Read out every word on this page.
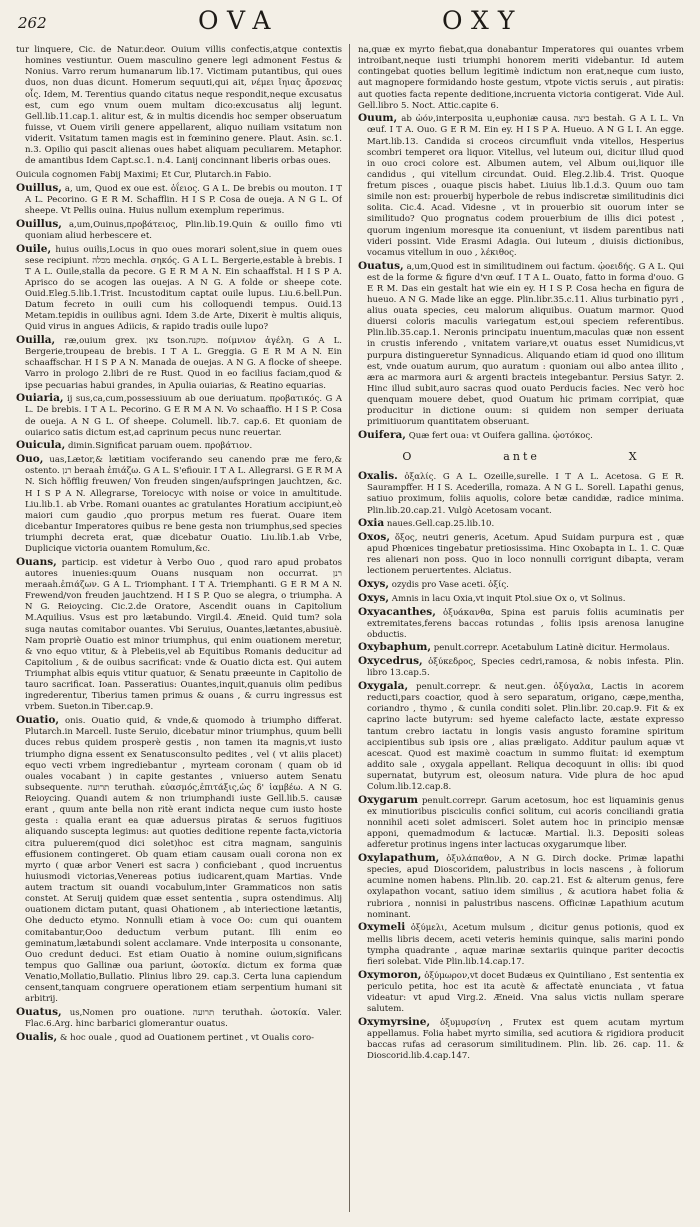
262	OVA	OXY

tur linquere, Cic. de Natur.deor. Ouium villis confectis,atque contextis homines vestiuntur. Ouem masculino genere legi admonent Festus & Nonius. Varro rerum humanarum lib.17. Victimam putantibus, qui oues duos, non duas dicunt. Homerum sequuti,qui ait, νέμει ἴηιας ἄρσενας οἶς. Idem, M. Terentius quando citatus neque respondit,neque excusatus est, cum ego vnum ouem multam dico:excusatus alij legunt. Gell.lib.11.cap.1. alitur est, & in multis dicendis hoc semper obseruatum fuisse, vt Ouem virili genere appellarent, aliquo nuiliam vsitatum non viderit. Vsitatum tamen magis est in fœminino genere. Plaut. Asin. sc.1. n.3. Opilio qui pascit alienas oues habet aliquam peculiarem. Metaphor. de amantibus Idem Capt.sc.1. n.4. Lanij concinnant liberis orbas oues.

Ouicula cognomen Fabij Maximi; Et Cur, Plutarch.in Fabio.

Ouillus, a, um, Quod ex oue est. ὀΐειος. G A L. De brebis ou mouton. I T A L. Pecorino. G E R M. Schafflin. H I S P. Cosa de oueja. A N G L. Of sheepe. Vt Pellis ouina. Huius nullum exemplum reperimus.

Ouillus, a,um,Ouinus,προβάτειος, Plin.lib.19.Quin & ouillo fimo vti quoniam aliud herbescere et.

Ouile, huius ouilis,Locus in quo oues morari solent,siue in quem oues sese recipiunt. מכלה mechla. σηκός. G A L L. Bergerie,estable à brebis. I T A L. Ouile,stalla da pecore. G E R M A N. Ein schaaffstal. H I S P A. Aprisco do se acogen las ouejas. A N G. A folde or sheepe cote. Ouid.Eleg.5.lib.1.Trist. Incustoditum captat ouile lupus. Liu.6.bell.Pun. Datum fecreto in ouili cum his colloquendi tempus. Ouid.13 Metam.tepidis in ouilibus agni. Idem 3.de Arte, Dixerit è multis aliquis, Quid virus in angues Adiicis, & rapido tradis ouile lupo?

Ouilla, ræ,ouium grex. צאן tson.מקנה. ποίμνιον ἀγέλη. G A L. Bergerie,troupeau de brebis. I T A L. Greggia. G E R M A N. Ein schaaffschar. H I S P A N. Manada de ouejas. A N G. A flocke of sheepe. Varro in prologo 2.libri de re Rust. Quod in eo facilius faciam,quod & ipse pecuarias habui grandes, in Apulia ouiarias, & Reatino equarias.

Ouiaria, ij sus,ca,cum,possessiuum ab oue deriuatum. προβατικός. G A L. De brebis. I T A L. Pecorino. G E R M A N. Vo schaaffio. H I S P. Cosa de oueja. A N G L. Of sheepe. Columell. lib.7. cap.6. Et quoniam de ouiarico satis dictum est,ad caprinum pecus nunc reuertar.

Ouicula, dimin.Significat paruam ouem. προβάτιον.

Ouo, uas,Lætor,& lætitiam vociferando seu canendo præ me fero,& ostento. רנן beraah ἐπιάζω. G A L. S'efiouir. I T A L. Allegrarsi. G E R M A N. Sich höfflig freuwen/ Von freuden singen/aufspringen jauchtzen, &c. H I S P A N. Allegrarse, Toreiocyc with noise or voice in amultitude. Liu.lib.1. ab Vrbe. Romani ouantes ac gratulantes Horatium accipiunt,eò maiori cum gaudio ,quo prorpus metum res fuerat. Ouare item dicebantur Imperatores quibus re bene gesta non triumphus,sed species triumphi decreta erat, quæ dicebatur Ouatio. Liu.lib.1.ab Vrbe, Duplicique victoria ouantem Romulum,&c.

Ouans, particip. est videtur à Verbo Ouo , quod raro apud probatos autores inuenies:quum Ouans nusquam non occurrat. רנן meraah.ἐπιάζων. G A L. Triomphant. I T A. Triemphanti. G E R M A N. Frewend/von freuden jauchtzend. H I S P. Quo se alegra, o triumpha. A N G. Reioycing. Cic.2.de Oratore, Ascendit ouans in Capitolium M.Aquilius. Vsus est pro lætabundo. Virgil.4. Æneid. Quid tum? sola suga nautas comitabor ouantes. Vbi Seruius, Ouantes,lætantes,abusiuè. Nam propriè Ouatio est minor triumphus, qui enim ouationem meretur, & vno equo vtitur, & à Plebeiis,vel ab Equitibus Romanis deducitur ad Capitolium , & de ouibus sacrificat: vnde & Ouatio dicta est. Qui autem Triumphat albis equis vtitur quatuor, & Senatu præeunte in Capitolio de tauro sacrificat. Ioan. Passeratius: Ouantes,inquit,quanuis olim pedibus ingrederentur, Tiberius tamen primus & ouans , & curru ingressus est vrbem. Sueton.in Tiber.cap.9.

Ouatio, onis. Ouatio quid, & vnde,& quomodo à triumpho differat. Plutarch.in Marcell. Iuste Seruio, dicebatur minor triumphus, quum belli duces rebus quidem prosperè gestis , non tamen ita magnis,vt iusto triumpho digna essent ex Senatusconsulto pedites , vel ( vt aliis placet) equo vecti vrbem ingrediebantur , myrteam coronam ( quam ob id ouales vocabant ) in capite gestantes , vniuerso autem Senatu subsequente. תרועה teruthah. εὐασμός,ἐπιτάξις,ὡς δ' ἰαμβέω. A N G. Reioycing. Quandi autem & non triumphandi iuste Gell.lib.5. causæ erant , quum ante bella non ritè erant indicta neque cum iusto hoste gesta : qualia erant ea quæ aduersus piratas & seruos fugitiuos aliquando suscepta legimus: aut quoties deditione repente facta,victoria citra puluerem(quod dici solet)hoc est citra magnam, sanguinis effusionem contingeret. Ob quam etiam causam ouali corona non ex myrto ( quæ arbor Veneri est sacra ) conficiebant , quod incruentus huiusmodi victorias,Venereas potius iudicarent,quam Martias. Vnde autem tractum sit ouandi vocabulum,inter Grammaticos non satis constet. At Seruij quidem quæ esset sententia , supra ostendimus. Alij ouationem dictam putant, quasi Ohationem , ab interiectione lætantis, Ohe deducto etymo. Nonnulli etiam à voce Oo: cum qui ouantem comitabantur,Ooo deductum verbum putant. Illi enim eo geminatum,lætabundi solent acclamare. Vnde interposita u consonante, Ouo credunt deduci. Est etiam Ouatio à nomine ouium,significans tempus quo Gallinæ oua pariunt, ὠοτοκία. dictum ex forma quæ Venatio,Mollatio,Bullatio. Plinius libro 29. cap.3. Certa luna capiendum censent,tanquam congruere operationem etiam serpentium humani sit arbitrij.

Ouatus, us,Nomen pro ouatione. תרועה teruthah. ὠοτοκία. Valer. Flac.6.Arg. hinc barbarici glomerantur ouatus.

Oualis, & hoc ouale , quod ad Ouationem pertinet , vt Oualis coro-

na,quæ ex myrto fiebat,qua donabantur Imperatores qui ouantes vrbem introibant,neque iusti triumphi honorem meriti videbantur. Id autem contingebat quoties bellum legitimè indictum non erat,neque cum iusto, aut magnopere formidando hoste gestum, vtpote victis seruis , aut piratis: aut quoties facta repente deditione,incruenta victoria contigerat. Vide Aul. Gell.libro 5. Noct. Attic.capite 6.

Ouum, ab ὠόν,interposita u,euphoniæ causa. ביצה bestah. G A L L. Vn œuf. I T A. Ouo. G E R M. Ein ey. H I S P A. Hueuo. A N G L I. An egge. Mart.lib.13. Candida si croceos circumfluit vnda vitellos, Hesperius scombri temperet ora liquor. Vitellus, vel luteum oui, dicitur illud quod in ouo croci colore est. Albumen autem, vel Album oui,liquor ille candidus , qui vitellum circundat. Ouid. Eleg.2.lib.4. Trist. Quoque fretum pisces , ouaque piscis habet. Liuius lib.1.d.3. Quum ouo tam simile non est: prouerbij hyperbole de rebus indiscretæ similitudinis dici solita. Cic.4. Acad. Videsne , vt in prouerbio sit ouorum inter se similitudo? Quo prognatus codem prouerbium de illis dici potest , quorum ingenium moresque ita conueniunt, vt iisdem parentibus nati videri possint. Vide Erasmi Adagia. Oui luteum , diuisis dictionibus, vocamus vitellum in ouo , λέκιθος.

Ouatus, a,um,Quod est in similitudinem oui factum. ᾠοειδής. G A L. Qui est de la forme & figure d'vn œuf. I T A L. Ouato, fatto in forma d'ouo. G E R M. Das ein gestalt hat wie ein ey. H I S P. Cosa hecha en figura de hueuo. A N G. Made like an egge. Plin.libr.35.c.11. Alius turbinatio pyri , alius ouata species, ceu malorum aliquibus. Ouatum marmor. Quod diuersi coloris maculis variegatum est,oui speciem referentibus. Plin.lib.35.cap.1. Neronis principatu inuentum,maculas quæ non essent in crustis inferendo , vnitatem variare,vt ouatus esset Numidicus,vt purpura distingueretur Synnadicus. Aliquando etiam id quod ono illitum est, vnde ouatum aurum, quo auratum : quoniam oui albo antea illito , æra ac marmora auri & argenti bracteis integebantur. Persius Satyr. 2. Hinc illud subit,auro sacras quod ouato Perducis facies. Nec verò hoc quenquam mouere debet, quod Ouatum hic primam corripiat, quæ producitur in dictione ouum: si quidem non semper deriuata primitiuorum quantitatem obseruant.

Ouifera, Quæ fert oua: vt Ouifera gallina. ᾠοτόκος.

O	ante	X

Oxalis. ὀξαλίς. G A L. Ozeille,surelle. I T A L. Acetosa. G E R. Saurampffer. H I S. Acederilla, romaza. A N G L. Sorell. Lapathi genus, satiuo proximum, foliis aquolis, colore betæ candidæ, radice minima. Plin.lib.20.cap.21. Vulgò Acetosam vocant.

Oxia naues.Gell.cap.25.lib.10.

Oxos, ὄξος, neutri generis, Acetum. Apud Suidam purpura est , quæ apud Phœnices tingebatur pretiosissima. Hinc Oxobapta in L. 1. C. Quæ res alienari non poss. Quo in loco nonnulli corrigunt dibapta, veram lectionem peruertentes. Alciatus.

Oxys, ozydis pro Vase aceti. ὀξίς.

Oxys, Amnis in lacu Oxia,vt inquit Ptol.siue Ox o, vt Solinus.

Oxyacanthes, ὀξυάκανθα, Spina est paruis foliis acuminatis per extremitates,ferens baccas rotundas , foliis ipsis arenosa lanugine obductis.

Oxybaphum, penult.correpr. Acetabulum Latinè dicitur. Hermolaus.

Oxycedrus, ὀξύκεδρος, Species cedri,ramosa, & nobis infesta. Plin. libro 13.cap.5.

Oxygala, penult.correpr. & neut.gen. ὀξύγαλα, Lactis in acorem reducti,pars coactior, quod à sero separatum, origano, cæpe,mentha, coriandro , thymo , & cunila conditi solet. Plin.libr. 20.cap.9. Fit & ex caprino lacte butyrum: sed hyeme calefacto lacte, æstate expresso tantum crebro iactatu in longis vasis angusto foramine spiritum accipientibus sub ipsis ore , alias præligato. Additur paulum aquæ vt acescat. Quod est maximè coactum in summo fluitat: id exemptum addito sale , oxygala appellant. Reliqua decoquunt in ollis: ibi quod supernatat, butyrum est, oleosum natura. Vide plura de hoc apud Colum.lib.12.cap.8.

Oxygarum penult.correpr. Garum acetosum, hoc est liquaminis genus ex minutioribus pisciculis confici solitum, cui acoris conciliandi gratia nonnihil aceti solet admisceri. Solet autem hoc in principio mensæ apponi, quemadmodum & lactucæ. Martial. li.3. Depositi soleas adferetur protinus ingens inter lactucas oxygarumque liber.

Oxylapathum, ὀξυλάπαθον, A N G. Dirch docke. Primæ lapathi species, apud Dioscoridem, palustribus in locis nascens , à foliorum acumine nomen habens. Plin.lib. 20. cap.21. Est & alterum genus, fere oxylapathon vocant, satiuo idem similius , & acutiora habet folia & rubriora , nonnisi in palustribus nascens. Officinæ Lapathium acutum nominant.

Oxymeli ὀξύμελι, Acetum mulsum , dicitur genus potionis, quod ex mellis libris decem, aceti veteris heminis quinque, salis marini pondo tympha quadrante , aquæ marinæ sextariis quinque pariter decoctis fieri solebat. Vide Plin.lib.14.cap.17.

Oxymoron, ὀξύμωρον,vt docet Budæus ex Quintiliano , Est sententia ex periculo petita, hoc est ita acutè & affectatè enunciata , vt fatua videatur: vt apud Virg.2. Æneid. Vna salus victis nullam sperare salutem.

Oxymyrsine, ὀξυμυρσίνη , Frutex est quem acutam myrtum appellamus. Folia habet myrto similia, sed acutiora & rigidiora producit baccas rufas ad cerasorum similitudinem. Plin. lib. 26. cap. 11. & Dioscorid.lib.4.cap.147.
